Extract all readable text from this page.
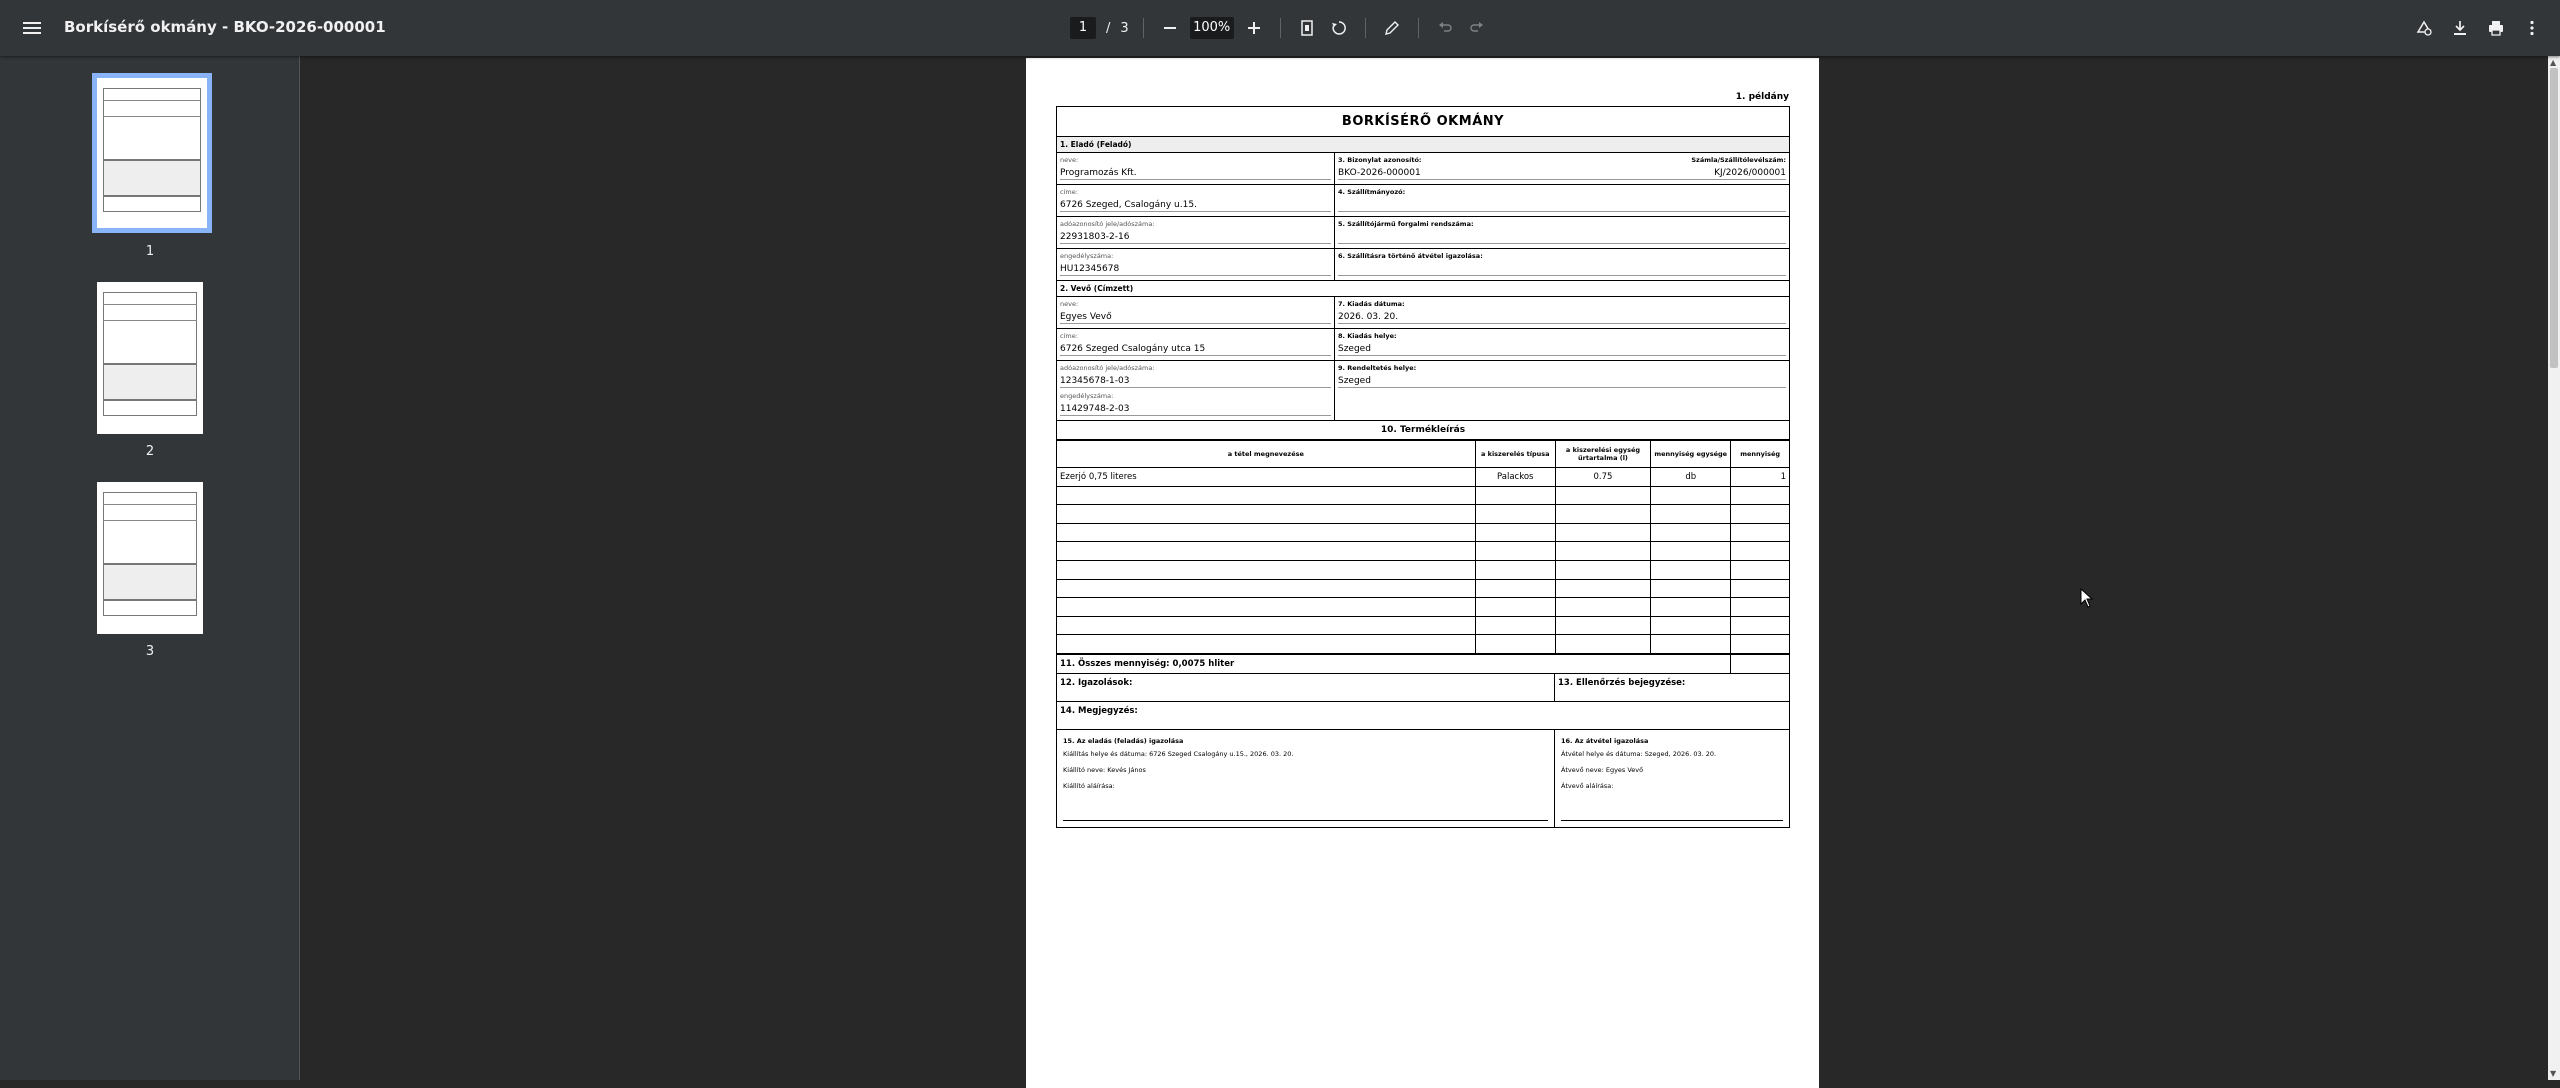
Borkísérő okmány - BKO-2026-000001	1	/ 3	100%
1
2
3
1. példány
BORKÍSÉRŐ OKMÁNY
1. Eladó (Feladó)
neve:
Programozás Kft.
3. Bizonylat azonosító:	Számla/Szállítólevélszám:
BKO-2026-000001	KJ/2026/000001
címe:
6726 Szeged, Csalogány u.15.
4. Szállítmányozó:
adóazonosító jele/adószáma:
22931803-2-16
5. Szállítójármű forgalmi rendszáma:
engedélyszáma:
HU12345678
6. Szállításra történő átvétel igazolása:
2. Vevő (Címzett)
neve:
Egyes Vevő
7. Kiadás dátuma:
2026. 03. 20.
címe:
6726 Szeged Csalogány utca 15
8. Kiadás helye:
Szeged
adóazonosító jele/adószáma:
12345678-1-03
engedélyszáma:
11429748-2-03
9. Rendeltetés helye:
Szeged
10. Termékleírás
a tétel megnevezése	a kiszerelés típusa	a kiszerelési egység űrtartalma (l)	mennyiség egysége	mennyiség
Ezerjó 0,75 literes	Palackos	0.75	db	1

11. Összes mennyiség: 0,0075 hliter
12. Igazolások:	13. Ellenőrzés bejegyzése:
14. Megjegyzés:
15. Az eladás (feladás) igazolása
Kiállítás helye és dátuma: 6726 Szeged Csalogány u.15., 2026. 03. 20.
Kiállító neve: Kevés János
Kiállító aláírása:
16. Az átvétel igazolása
Átvétel helye és dátuma: Szeged, 2026. 03. 20.
Átvevő neve: Egyes Vevő
Átvevő aláírása:
▲
▼
